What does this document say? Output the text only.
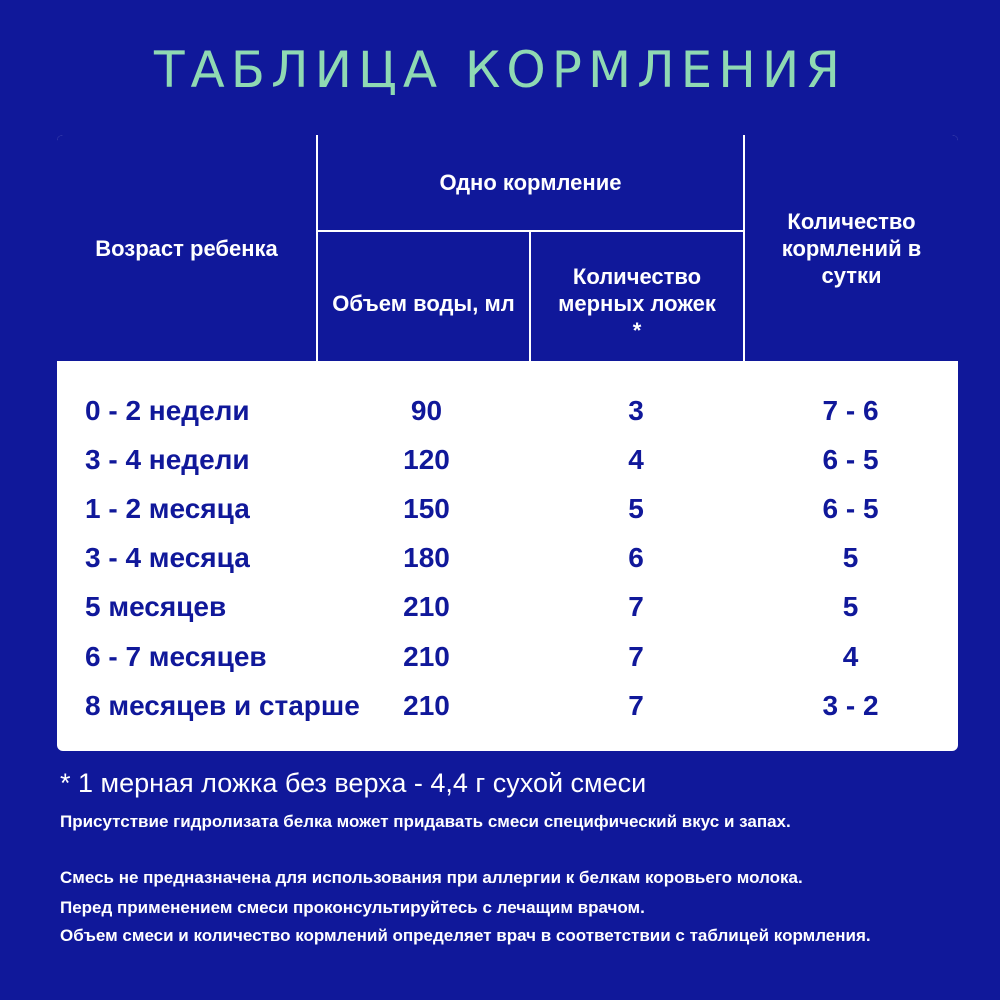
ТАБЛИЦА КОРМЛЕНИЯ
Возраст ребенка
Одно кормление
Объем воды, мл
Количество мерных ложек *
Количество кормлений в сутки
0 - 2 недели	90	3	7 - 6
3 - 4 недели	120	4	6 - 5
1 - 2 месяца	150	5	6 - 5
3 - 4 месяца	180	6	5
5 месяцев	210	7	5
6 - 7 месяцев	210	7	4
8 месяцев и старше	210	7	3 - 2
* 1 мерная ложка без верха - 4,4 г сухой смеси
Присутствие гидролизата белка может придавать смеси специфический вкус и запах.
Смесь не предназначена для использования при аллергии к белкам коровьего молока.
Перед применением смеси проконсультируйтесь с лечащим врачом.
Объем смеси и количество кормлений определяет врач в соответствии с таблицей кормления.
